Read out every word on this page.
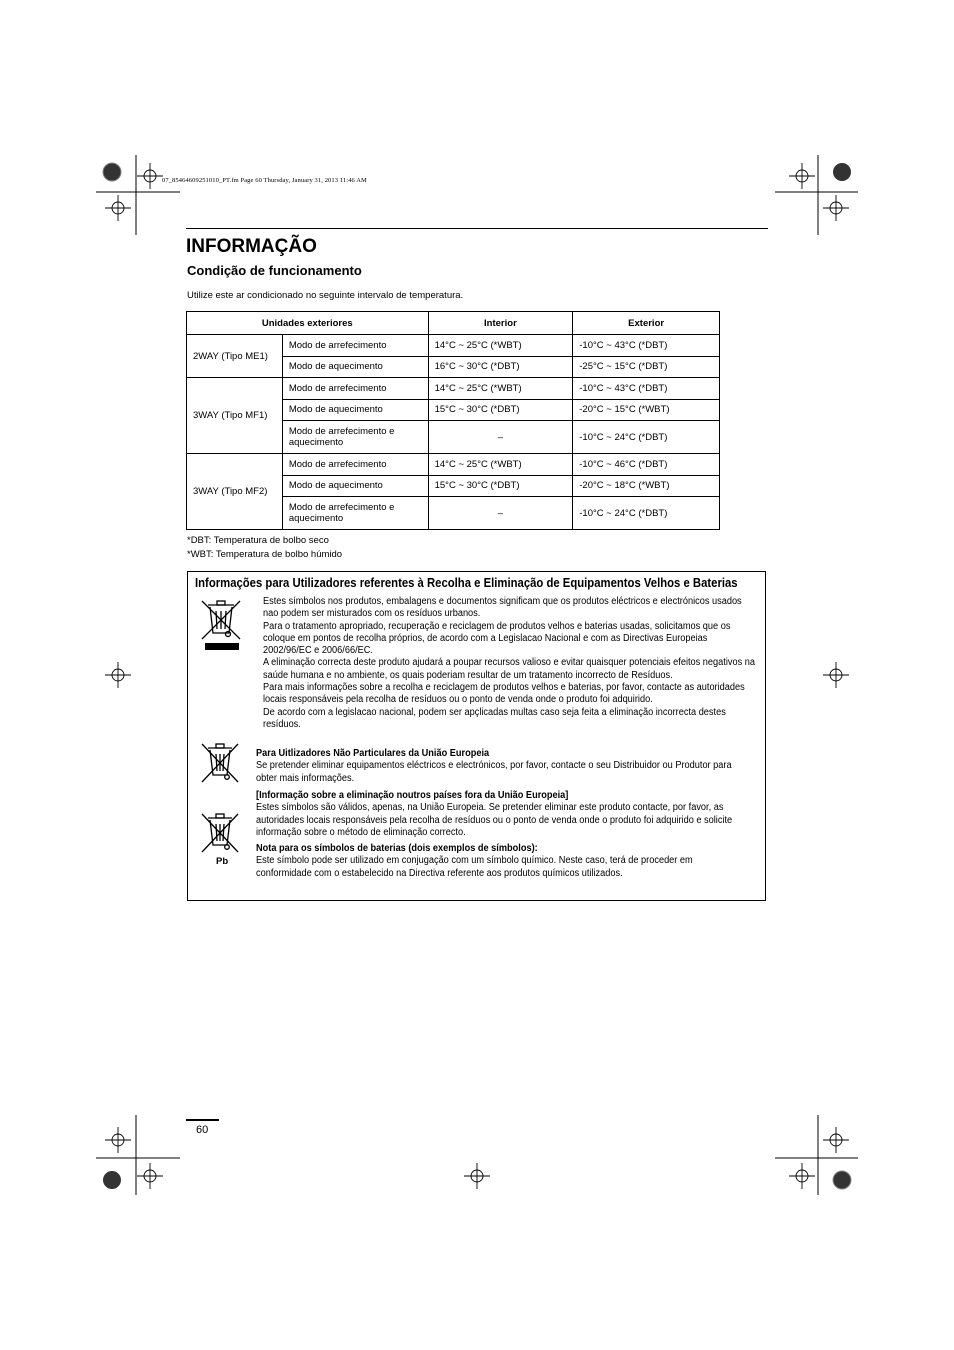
07_85464609251010_PT.fm Page 60 Thursday, January 31, 2013 11:46 AM
INFORMAÇÃO
Condição de funcionamento
Utilize este ar condicionado no seguinte intervalo de temperatura.
Unidades exteriores		Interior	Exterior
2WAY (Tipo ME1)	Modo de arrefecimento	14°C ~ 25°C (*WBT)	-10°C ~ 43°C (*DBT)
	Modo de aquecimento	16°C ~ 30°C (*DBT)	-25°C ~ 15°C (*DBT)
3WAY (Tipo MF1)	Modo de arrefecimento	14°C ~ 25°C (*WBT)	-10°C ~ 43°C (*DBT)
	Modo de aquecimento	15°C ~ 30°C (*DBT)	-20°C ~ 15°C (*WBT)
	Modo de arrefecimento e aquecimento	–	-10°C ~ 24°C (*DBT)
3WAY (Tipo MF2)	Modo de arrefecimento	14°C ~ 25°C (*WBT)	-10°C ~ 46°C (*DBT)
	Modo de aquecimento	15°C ~ 30°C (*DBT)	-20°C ~ 18°C (*WBT)
	Modo de arrefecimento e aquecimento	–	-10°C ~ 24°C (*DBT)
*DBT: Temperatura de bolbo seco
*WBT: Temperatura de bolbo húmido
Informações para Utilizadores referentes à Recolha e Eliminação de Equipamentos Velhos e Baterias
Pb

Estes símbolos nos produtos, embalagens e documentos significam que os produtos eléctricos e electrónicos usados nao podem ser misturados com os resíduos urbanos.

Para o tratamento apropriado, recuperação e reciclagem de produtos velhos e baterias usadas, solicitamos que os coloque em pontos de recolha próprios, de acordo com a Legislacao Nacional e com as Directivas Europeias 2002/96/EC e 2006/66/EC.

A eliminação correcta deste produto ajudará a poupar recursos valioso e evitar quaisquer potenciais efeitos negativos na saúde humana e no ambiente, os quais poderiam resultar de um tratamento incorrecto de Resíduos.

Para mais informações sobre a recolha e reciclagem de produtos velhos e baterias, por favor, contacte as autoridades locais responsáveis pela recolha de resíduos ou o ponto de venda onde o produto foi adquirido.

De acordo com a legislacao nacional, podem ser apçlicadas multas caso seja feita a eliminação incorrecta destes resíduos.

Para Uitlizadores Não Particulares da União Europeia

Se pretender eliminar equipamentos eléctricos e electrónicos, por favor, contacte o seu Distribuidor ou Produtor para obter mais informações.

[Informação sobre a eliminação noutros países fora da União Europeia]

Estes símbolos são válidos, apenas, na União Europeia. Se pretender eliminar este produto contacte, por favor, as autoridades locais responsáveis pela recolha de resíduos ou o ponto de venda onde o produto foi adquirido e solicite informação sobre o método de eliminação correcto.

Nota para os símbolos de baterias (dois exemplos de símbolos):

Este símbolo pode ser utilizado em conjugação com um símbolo químico. Neste caso, terá de proceder em conformidade com o estabelecido na Directiva referente aos produtos químicos utilizados.

60
